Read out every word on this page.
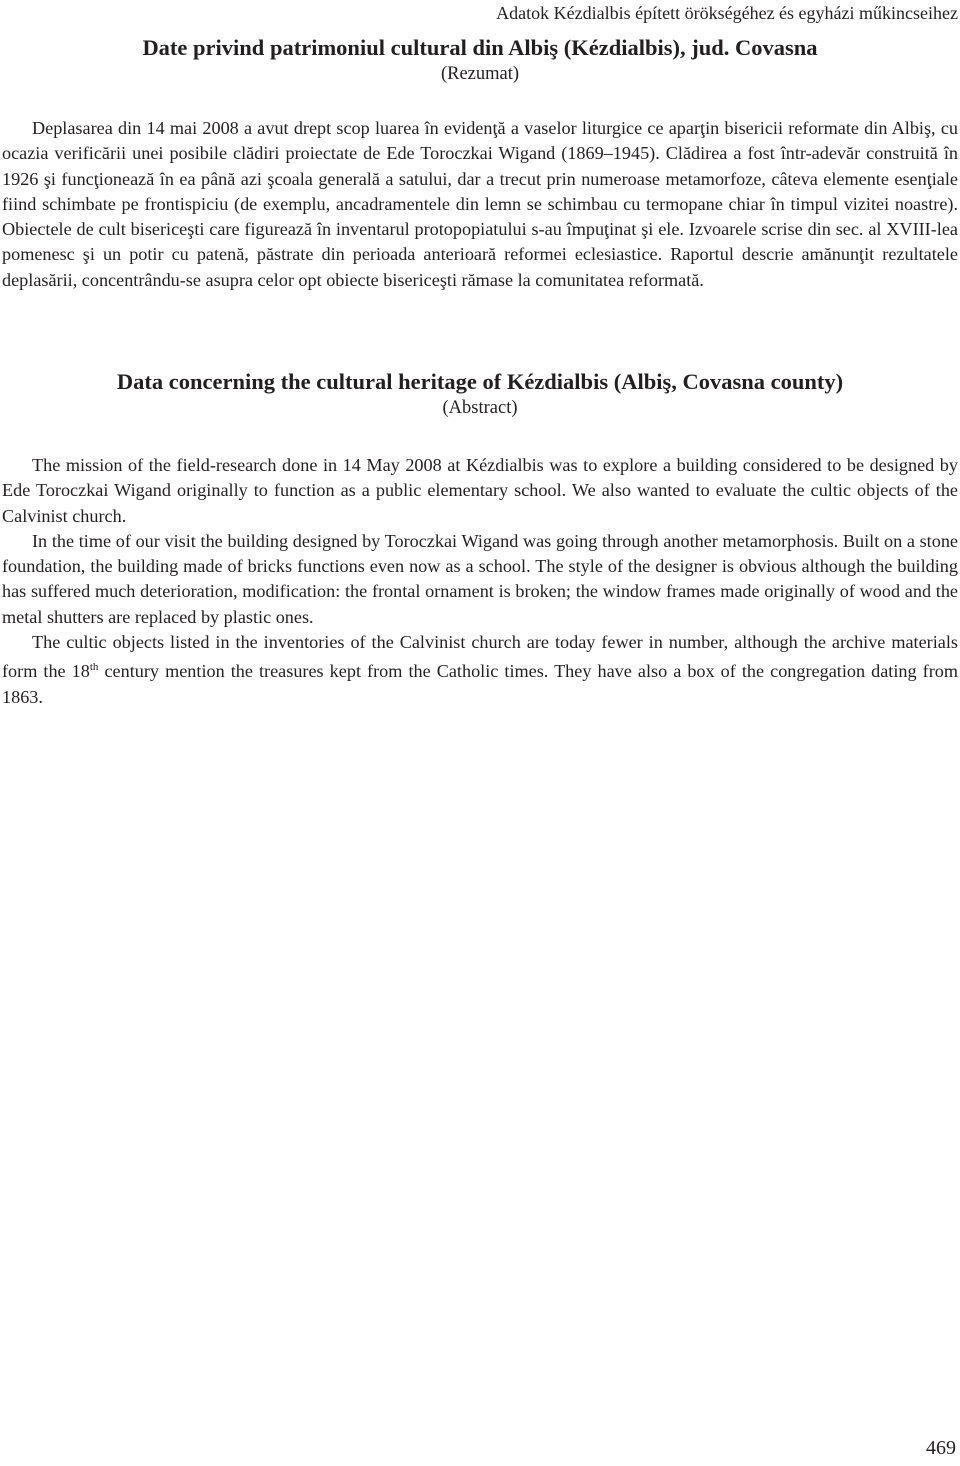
Adatok Kézdialbis épített örökségéhez és egyházi műkincseihez
Date privind patrimoniul cultural din Albiş (Kézdialbis), jud. Covasna
(Rezumat)

Deplasarea din 14 mai 2008 a avut drept scop luarea în evidenţă a vaselor liturgice ce aparţin bisericii reformate din Albiş, cu ocazia verificării unei posibile clădiri proiectate de Ede Toroczkai Wigand (1869–1945). Clădirea a fost într-adevăr construită în 1926 şi funcţionează în ea până azi şcoala generală a satului, dar a trecut prin numeroase metamorfoze, câteva elemente esenţiale fiind schimbate pe frontispiciu (de exemplu, ancadramentele din lemn se schimbau cu termopane chiar în timpul vizitei noastre). Obiectele de cult bisericeşti care figurează în inventarul protopopiatului s-au împuţinat şi ele. Izvoarele scrise din sec. al XVIII-lea pomenesc şi un potir cu patenă, păstrate din perioada anterioară reformei eclesiastice. Raportul descrie amănunţit rezultatele deplasării, concentrându-se asupra celor opt obiecte bisericeşti rămase la comunitatea reformată.

Data concerning the cultural heritage of Kézdialbis (Albiş, Covasna county)
(Abstract)

The mission of the field-research done in 14 May 2008 at Kézdialbis was to explore a building considered to be designed by Ede Toroczkai Wigand originally to function as a public elementary school. We also wanted to evaluate the cultic objects of the Calvinist church.

In the time of our visit the building designed by Toroczkai Wigand was going through another metamorphosis. Built on a stone foundation, the building made of bricks functions even now as a school. The style of the designer is obvious although the building has suffered much deterioration, modification: the frontal ornament is broken; the window frames made originally of wood and the metal shutters are replaced by plastic ones.

The cultic objects listed in the inventories of the Calvinist church are today fewer in number, although the archive materials form the 18th century mention the treasures kept from the Catholic times. They have also a box of the congregation dating from 1863.

469
